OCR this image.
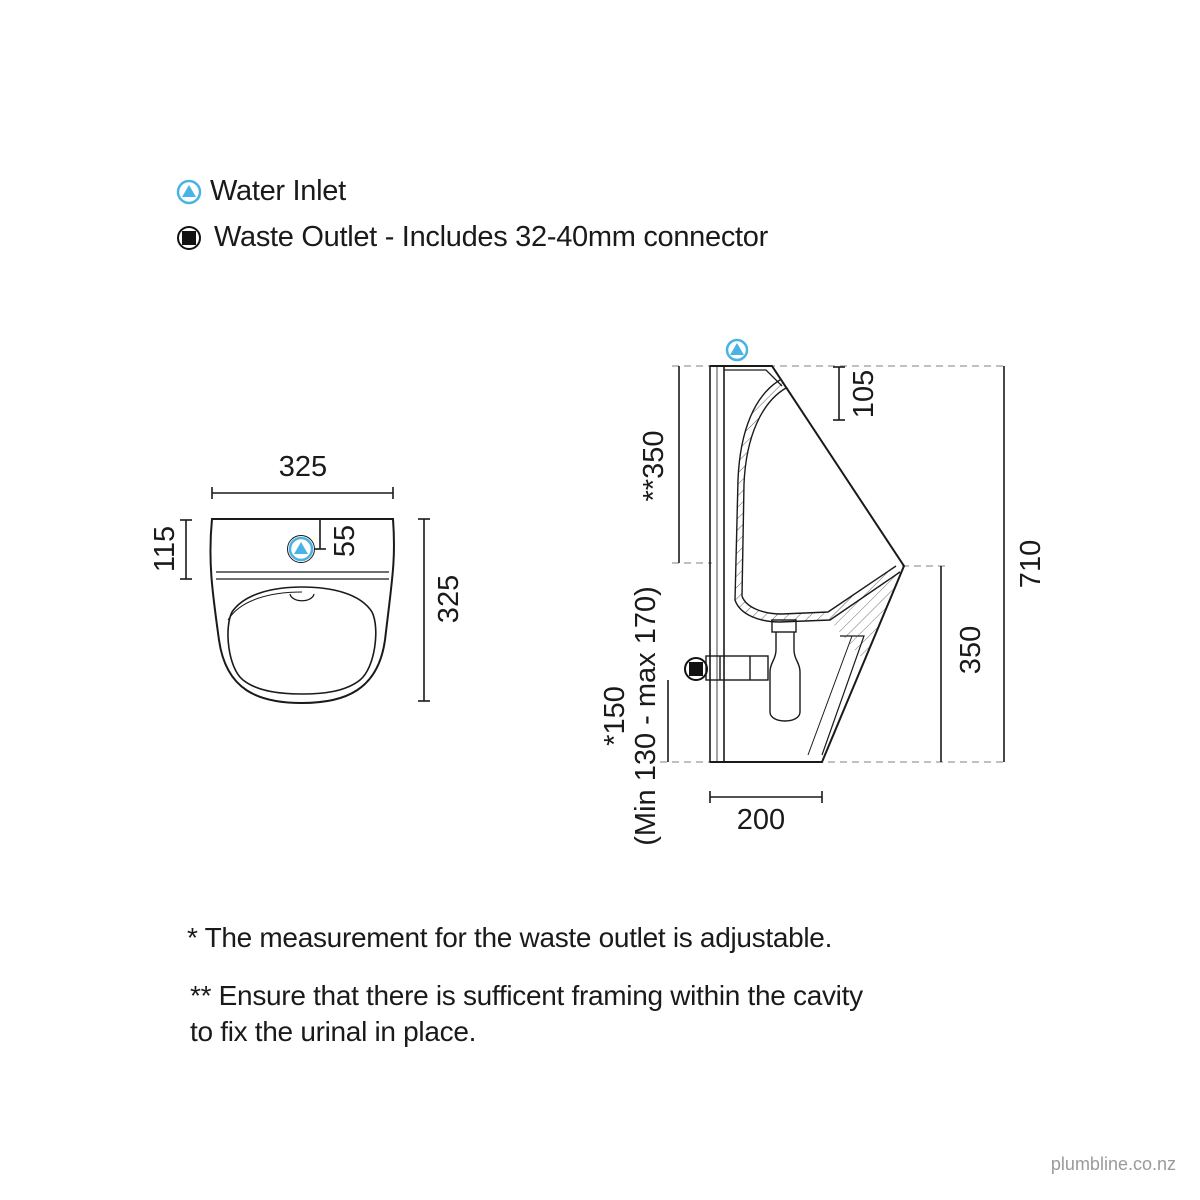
Water Inlet
Waste Outlet - Includes 32-40mm connector
325
115	55
325
105
**350
350
710
*150 (Min 130 - max 170)	200
* The measurement for the waste outlet is adjustable.
** Ensure that there is sufficent framing within the cavity
to fix the urinal in place.
plumbline.co.nz
